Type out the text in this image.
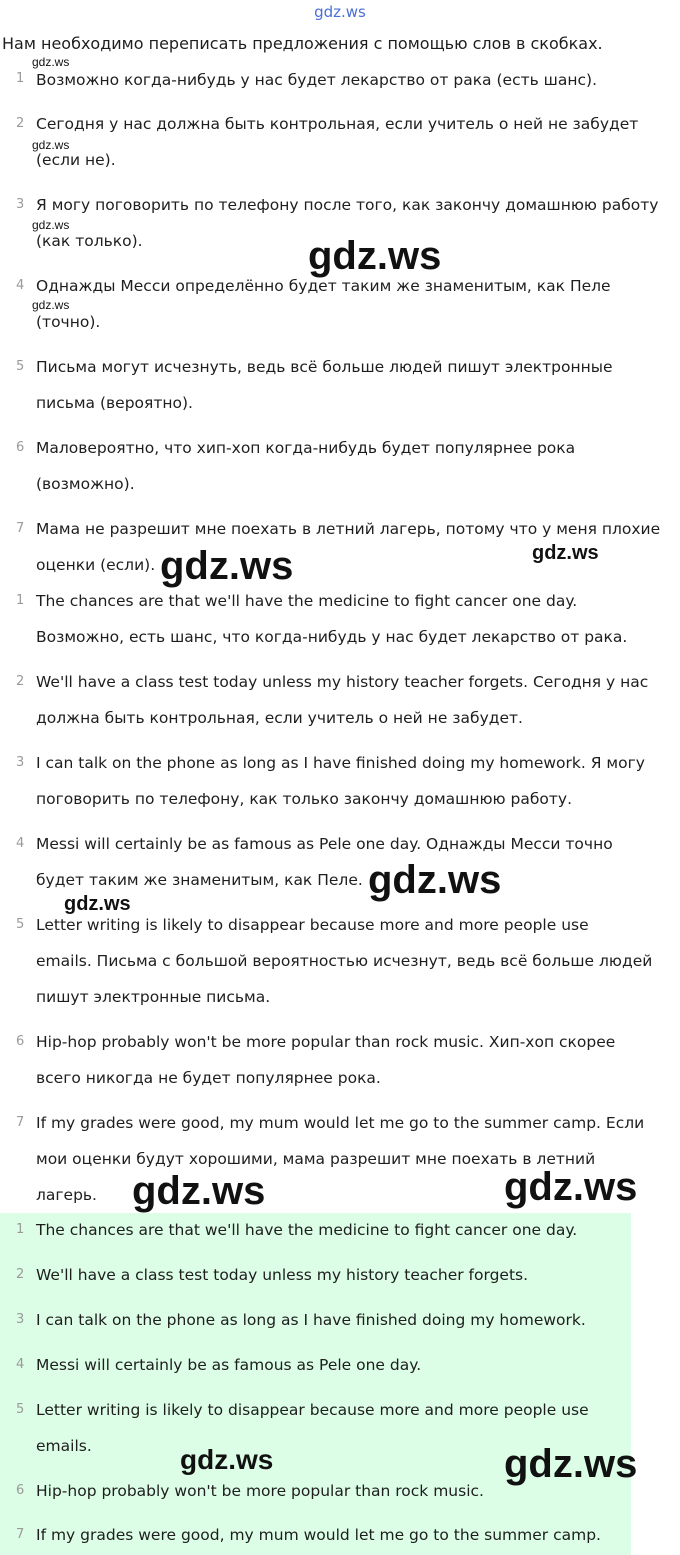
gdz.ws
Нам необходимо переписать предложения с помощью слов в скобках.
1 Возможно когда-нибудь у нас будет лекарство от рака (есть шанс).
2 Сегодня у нас должна быть контрольная, если учитель о ней не забудет
(если не).
3 Я могу поговорить по телефону после того, как закончу домашнюю работу
(как только).
4 Однажды Месси определённо будет таким же знаменитым, как Пеле
(точно).
5 Письма могут исчезнуть, ведь всё больше людей пишут электронные
письма (вероятно).
6 Маловероятно, что хип-хоп когда-нибудь будет популярнее рока
(возможно).
7 Мама не разрешит мне поехать в летний лагерь, потому что у меня плохие
оценки (если).
1 The chances are that we'll have the medicine to fight cancer one day.
Возможно, есть шанс, что когда-нибудь у нас будет лекарство от рака.
2 We'll have a class test today unless my history teacher forgets. Сегодня у нас
должна быть контрольная, если учитель о ней не забудет.
3 I can talk on the phone as long as I have finished doing my homework. Я могу
поговорить по телефону, как только закончу домашнюю работу.
4 Messi will certainly be as famous as Pele one day. Однажды Месси точно
будет таким же знаменитым, как Пеле.
5 Letter writing is likely to disappear because more and more people use
emails. Письма с большой вероятностью исчезнут, ведь всё больше людей
пишут электронные письма.
6 Hip-hop probably won't be more popular than rock music. Хип-хоп скорее
всего никогда не будет популярнее рока.
7 If my grades were good, my mum would let me go to the summer camp. Если
мои оценки будут хорошими, мама разрешит мне поехать в летний
лагерь.
1 The chances are that we'll have the medicine to fight cancer one day.
2 We'll have a class test today unless my history teacher forgets.
3 I can talk on the phone as long as I have finished doing my homework.
4 Messi will certainly be as famous as Pele one day.
5 Letter writing is likely to disappear because more and more people use
emails.
6 Hip-hop probably won't be more popular than rock music.
7 If my grades were good, my mum would let me go to the summer camp.
gdz.ws
gdz.ws
gdz.ws
gdz.ws
gdz.ws
gdz.ws
gdz.ws
gdz.ws
gdz.ws
gdz.ws	gdz.ws
gdz.ws
gdz.ws
